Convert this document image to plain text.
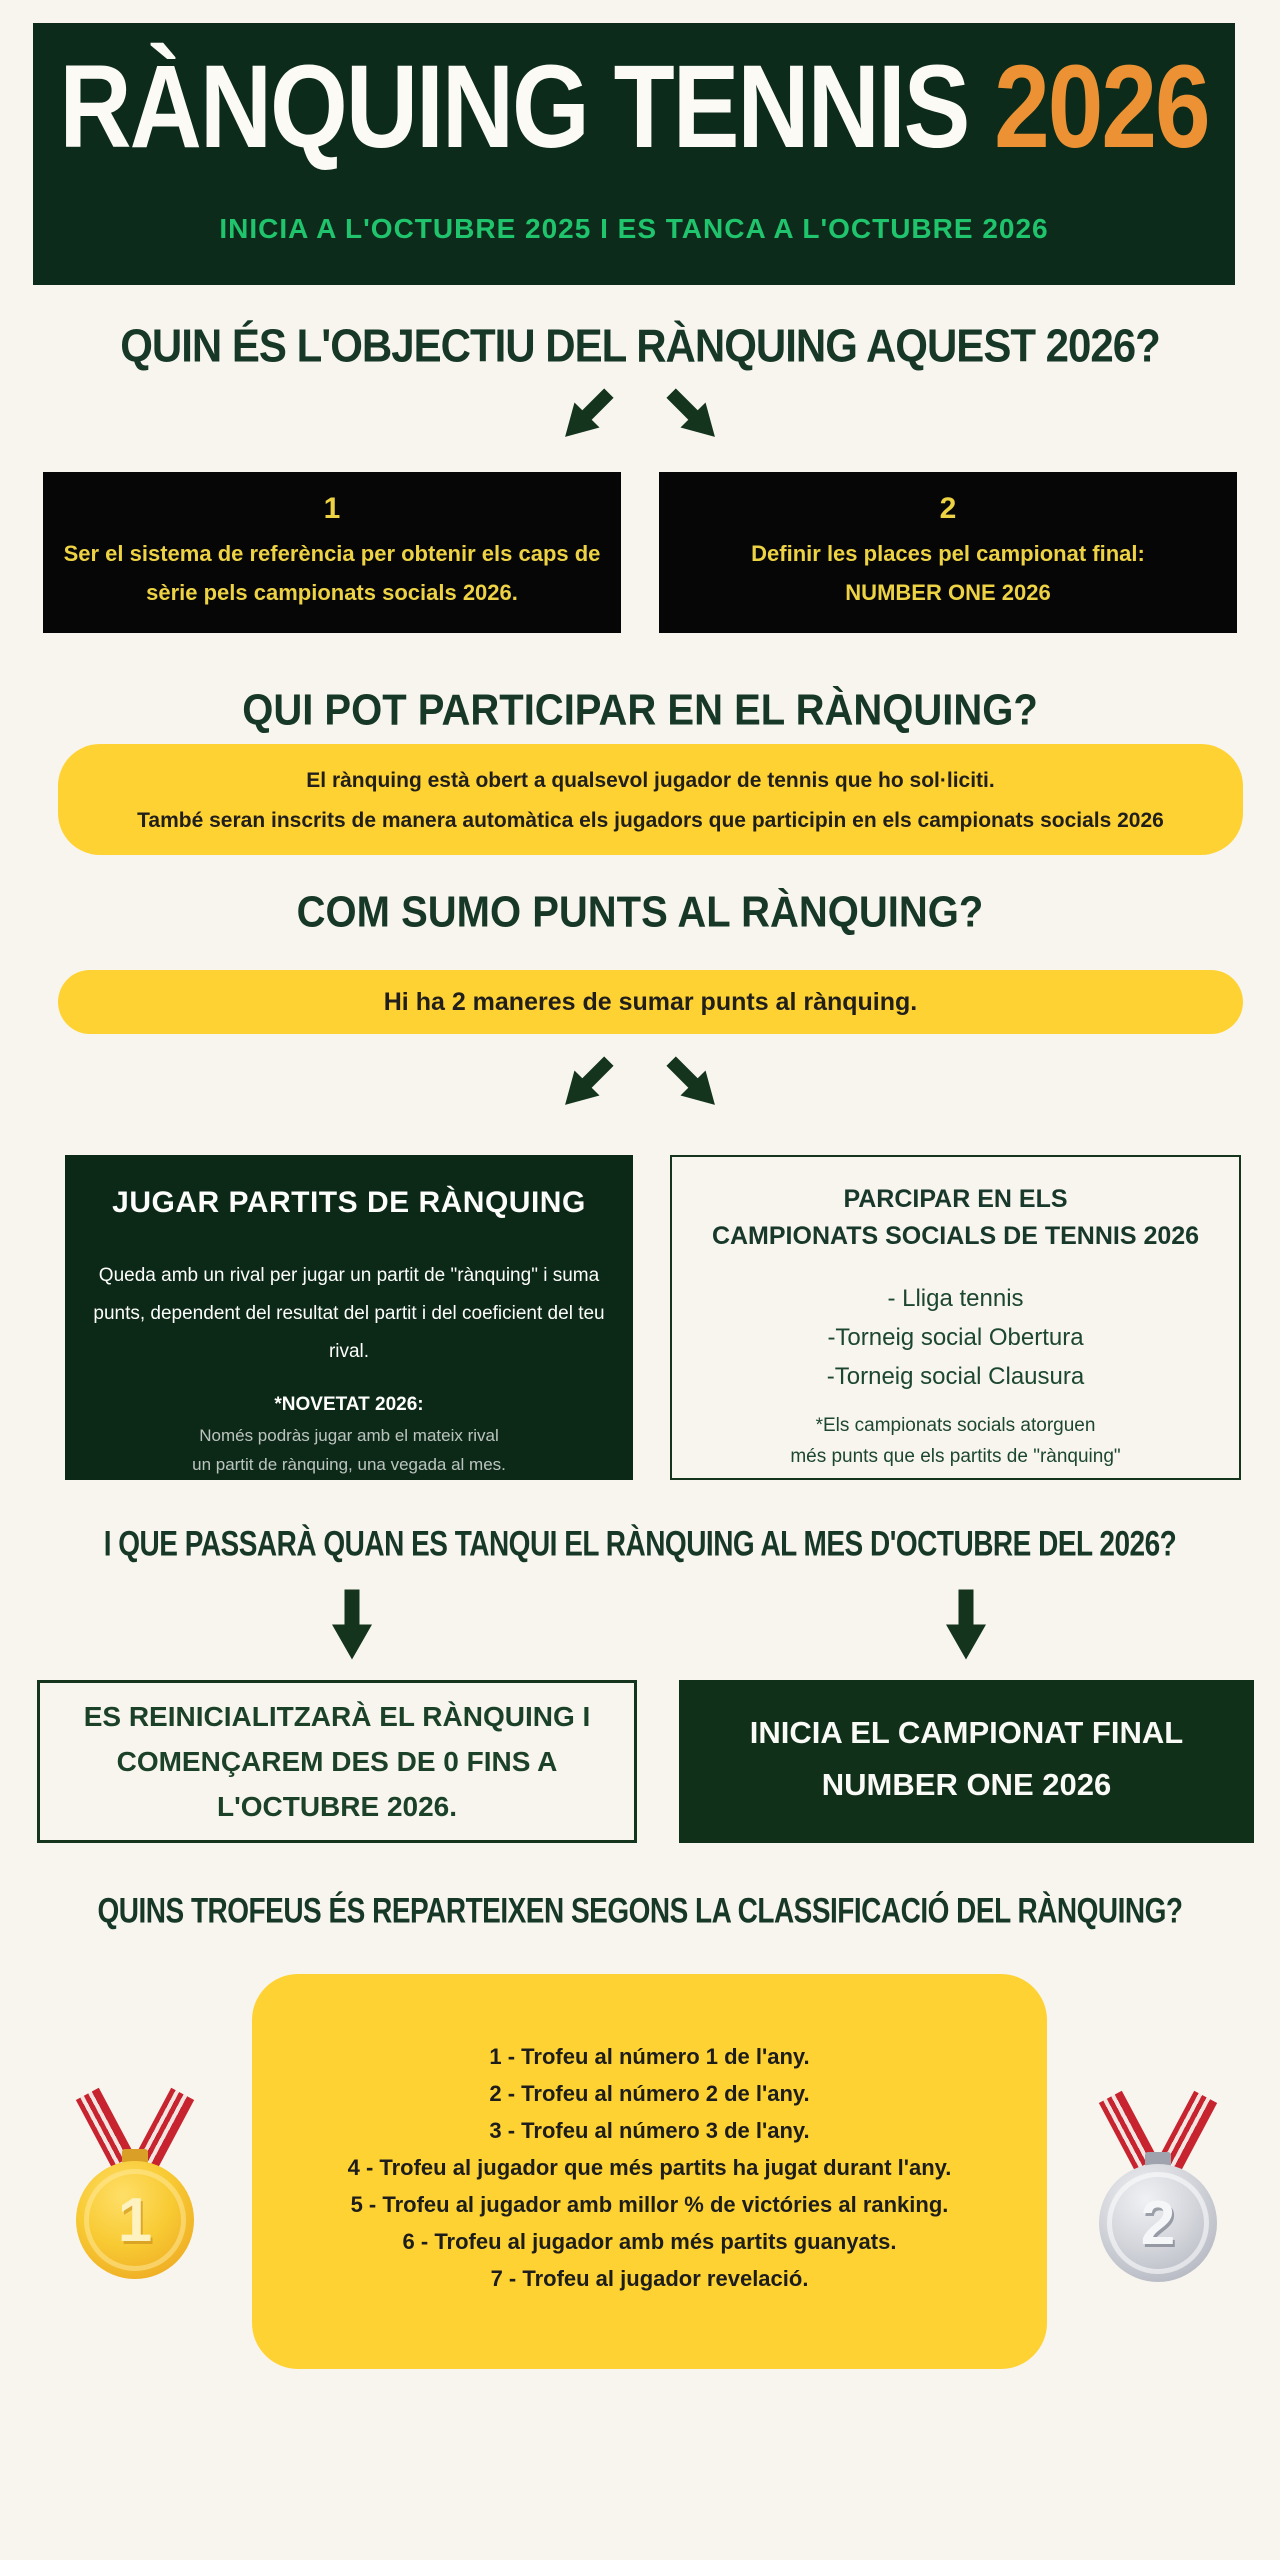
RÀNQUING TENNIS 2026
INICIA A L'OCTUBRE 2025 I ES TANCA A L'OCTUBRE 2026
QUIN ÉS L'OBJECTIU DEL RÀNQUING AQUEST 2026?
1
Ser el sistema de referència per obtenir els caps de sèrie pels campionats socials 2026.
2
Definir les places pel campionat final:
NUMBER ONE 2026
QUI POT PARTICIPAR EN EL RÀNQUING?
El rànquing està obert a qualsevol jugador de tennis que ho sol·liciti.
També seran inscrits de manera automàtica els jugadors que participin en els campionats socials 2026
COM SUMO PUNTS AL RÀNQUING?
Hi ha 2 maneres de sumar punts al rànquing.
JUGAR PARTITS DE RÀNQUING
Queda amb un rival per jugar un partit de "rànquing" i suma punts, dependent del resultat del partit i del coeficient del teu rival.
*NOVETAT 2026:
Només podràs jugar amb el mateix rival
un partit de rànquing, una vegada al mes.
PARCIPAR EN ELS
CAMPIONATS SOCIALS DE TENNIS 2026
- Lliga tennis
-Torneig social Obertura
-Torneig social Clausura
*Els campionats socials atorguen
més punts que els partits de "rànquing"
I QUE PASSARÀ QUAN ES TANQUI EL RÀNQUING AL MES D'OCTUBRE DEL 2026?
ES REINICIALITZARÀ EL RÀNQUING I COMENÇAREM DES DE 0 FINS A L'OCTUBRE 2026.
INICIA EL CAMPIONAT FINAL
NUMBER ONE 2026
QUINS TROFEUS ÉS REPARTEIXEN SEGONS LA CLASSIFICACIÓ DEL RÀNQUING?
1
1 - Trofeu al número 1 de l'any.
2 - Trofeu al número 2 de l'any.
3 - Trofeu al número 3 de l'any.
4 - Trofeu al jugador que més partits ha jugat durant l'any.
5 - Trofeu al jugador amb millor % de victóries al ranking.
6 - Trofeu al jugador amb més partits guanyats.
7 - Trofeu al jugador revelació.
2
